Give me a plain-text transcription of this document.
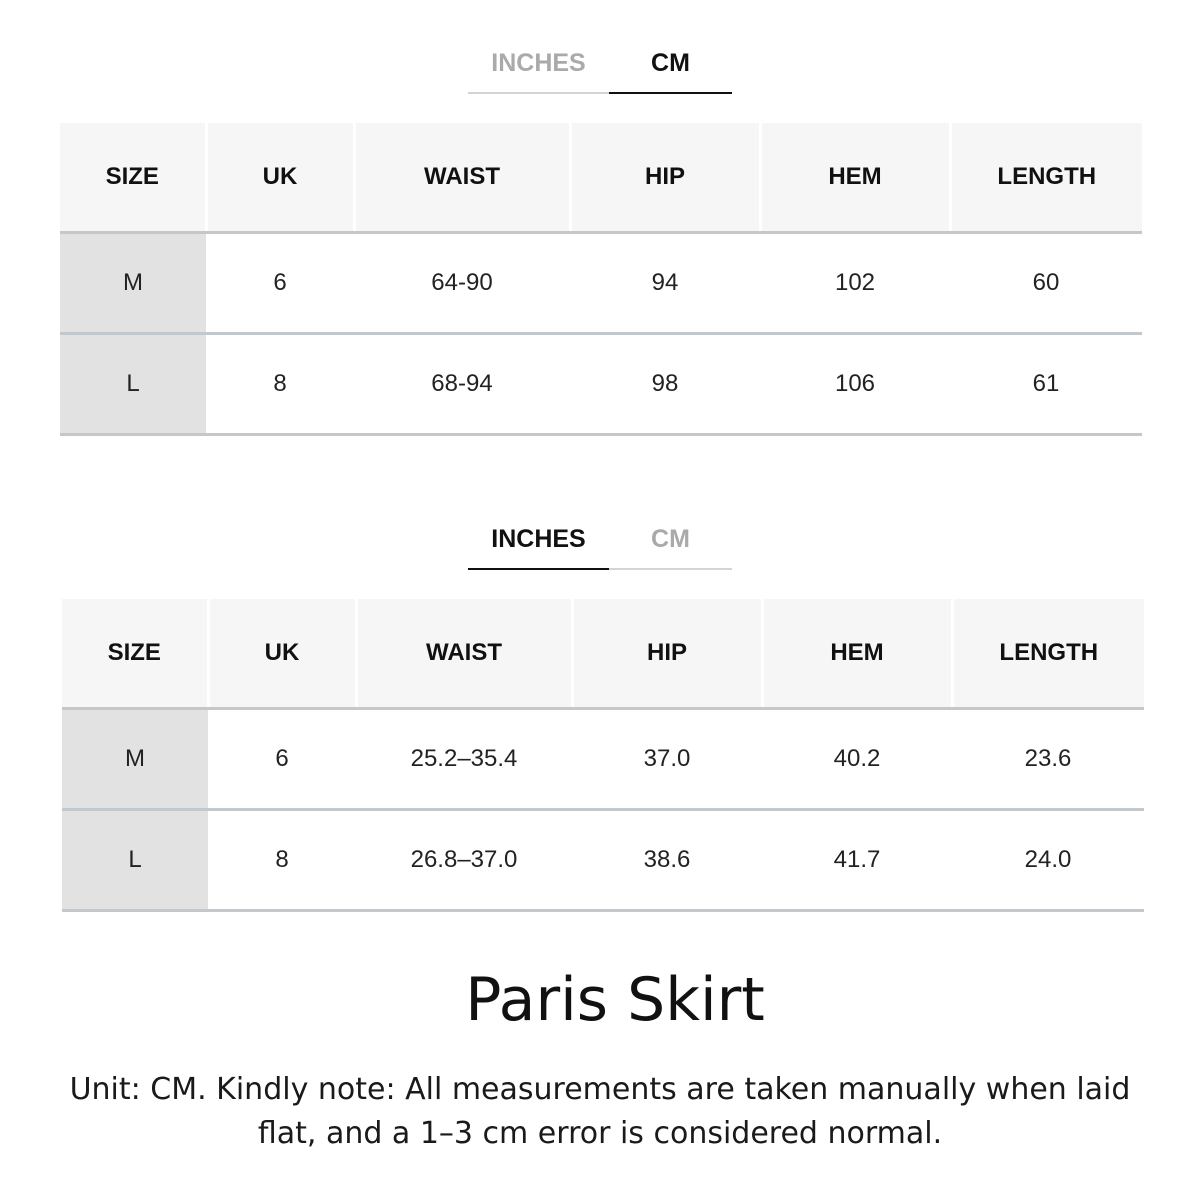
INCHES	CM
SIZE	UK	WAIST	HIP	HEM	LENGTH
M	6	64-90	94	102	60
L	8	68-94	98	106	61
INCHES	CM
SIZE	UK	WAIST	HIP	HEM	LENGTH
M	6	25.2–35.4	37.0	40.2	23.6
L	8	26.8–37.0	38.6	41.7	24.0
Paris Skirt
Unit: CM. Kindly note: All measurements are taken manually when laid flat, and a 1–3 cm error is considered normal.
